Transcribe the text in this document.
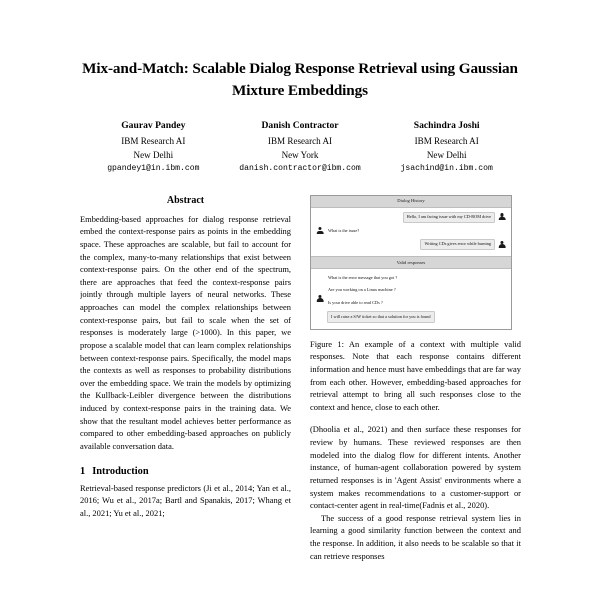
Mix-and-Match: Scalable Dialog Response Retrieval using Gaussian Mixture Embeddings
Gaurav Pandey
IBM Research AI
New Delhi
gpandey1@in.ibm.com
Danish Contractor
IBM Research AI
New York
danish.contractor@ibm.com
Sachindra Joshi
IBM Research AI
New Delhi
jsachind@in.ibm.com
Abstract

Embedding-based approaches for dialog response retrieval embed the context-response pairs as points in the embedding space. These approaches are scalable, but fail to account for the complex, many-to-many relationships that exist between context-response pairs. On the other end of the spectrum, there are approaches that feed the context-response pairs jointly through multiple layers of neural networks. These approaches can model the complex relationships between context-response pairs, but fail to scale when the set of responses is moderately large (>1000). In this paper, we propose a scalable model that can learn complex relationships between context-response pairs. Specifically, the model maps the contexts as well as responses to probability distributions over the embedding space. We train the models by optimizing the Kullback-Leibler divergence between the distributions induced by context-response pairs in the training data. We show that the resultant model achieves better performance as compared to other embedding-based approaches on publicly available conversation data.

1 Introduction

Retrieval-based response predictors (Ji et al., 2014; Yan et al., 2016; Wu et al., 2017a; Bartl and Spanakis, 2017; Whang et al., 2021; Yu et al., 2021;

Dialog History
Hello, I am facing issue with my CD-ROM drive
What is the issue?
Writing CDs gives error while burning
Valid responses
What is the error message that you got ?
Are you working on a Linux machine ?
Is your drive able to read CDs ?
I will raise a S/W ticket so that a solution for you is found

Figure 1: An example of a context with multiple valid responses. Note that each response contains different information and hence must have embeddings that are far way from each other. However, embedding-based approaches for retrieval attempt to bring all such responses close to the context and hence, close to each other.

(Dhoolia et al., 2021) and then surface these responses for review by humans. These reviewed responses are then modeled into the dialog flow for different intents. Another instance, of human-agent collaboration powered by system returned responses is in 'Agent Assist' environments where a system makes recommendations to a customer-support or contact-center agent in real-time(Fadnis et al., 2020).

The success of a good response retrieval system lies in learning a good similarity function between the context and the response. In addition, it also needs to be scalable so that it can retrieve responses
